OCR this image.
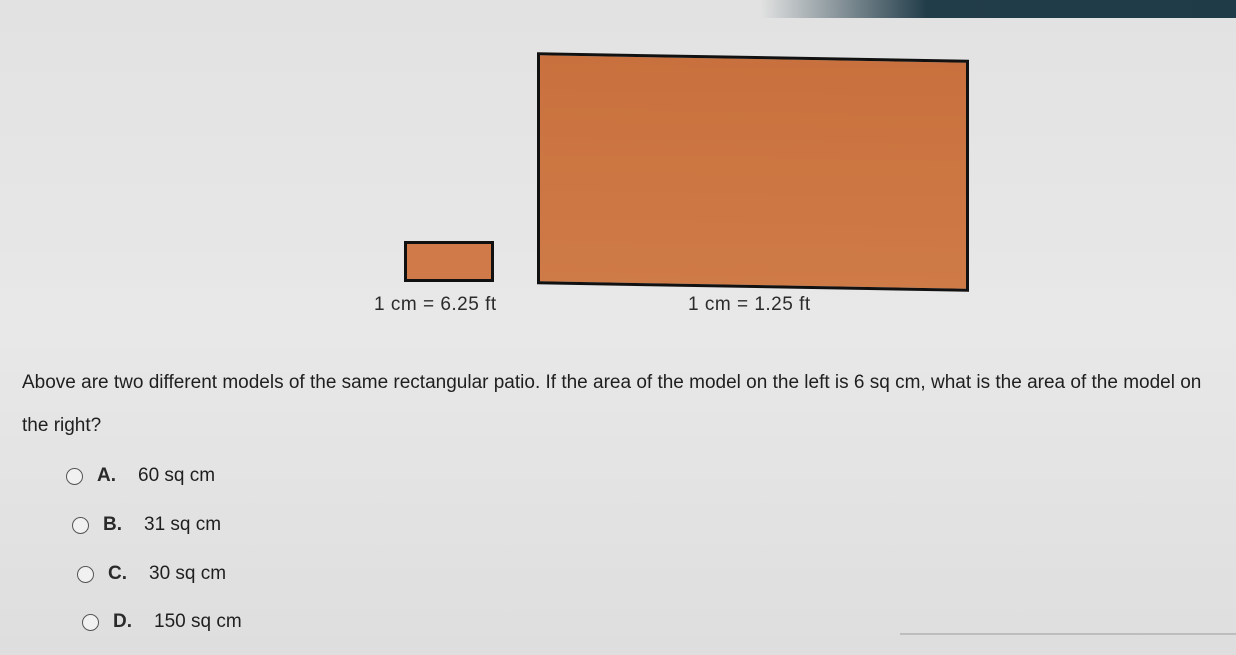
1 cm = 6.25 ft	1 cm = 1.25 ft
Above are two different models of the same rectangular patio. If the area of the model on the left is 6 sq cm, what is the area of the model on the right?
A. 60 sq cm
B. 31 sq cm
C. 30 sq cm
D. 150 sq cm
